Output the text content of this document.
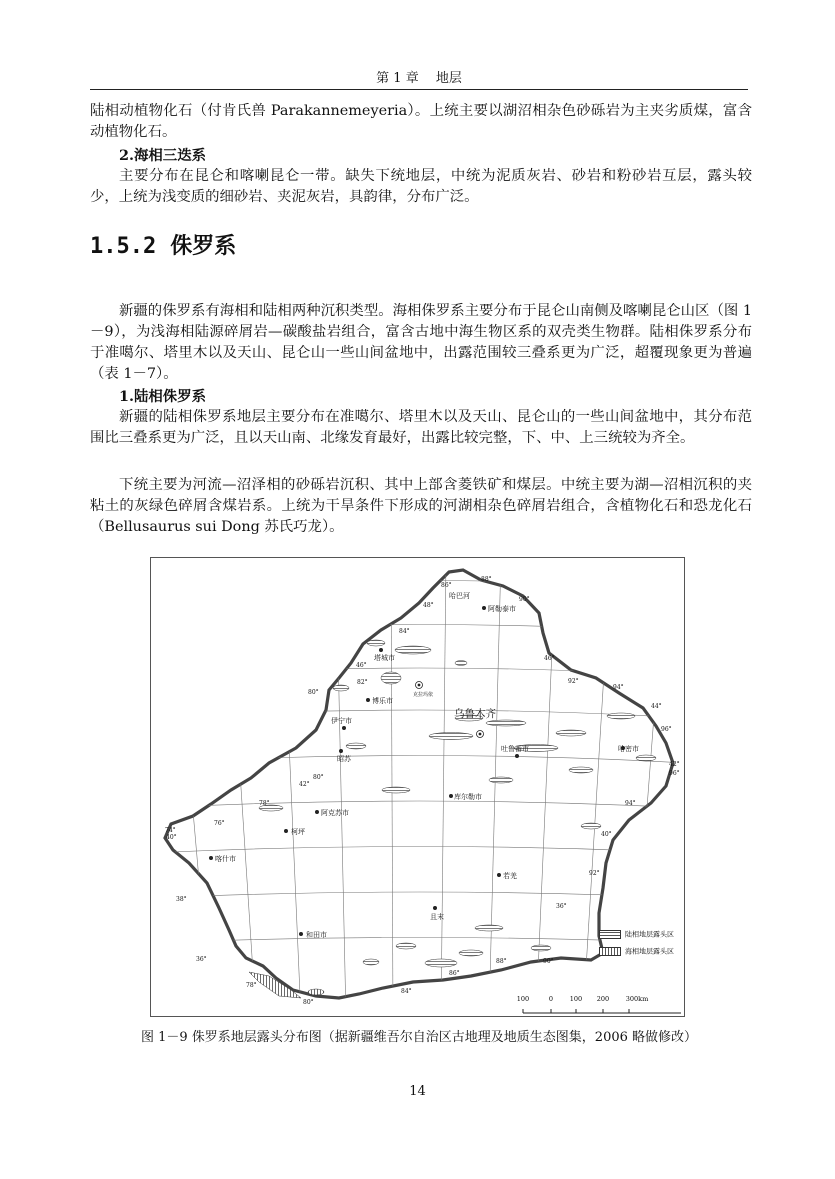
第 1 章　 地层

陆相动植物化石（付肯氏兽 Parakannemeyeria）。上统主要以湖沼相杂色砂砾岩为主夹劣质煤，富含动植物化石。

2.海相三迭系

主要分布在昆仑和喀喇昆仑一带。缺失下统地层，中统为泥质灰岩、砂岩和粉砂岩互层，露头较少，上统为浅变质的细砂岩、夹泥灰岩，具韵律，分布广泛。

1.5.2 侏罗系

新疆的侏罗系有海相和陆相两种沉积类型。海相侏罗系主要分布于昆仑山南侧及喀喇昆仑山区（图 1－9），为浅海相陆源碎屑岩—碳酸盐岩组合，富含古地中海生物区系的双壳类生物群。陆相侏罗系分布于准噶尔、塔里木以及天山、昆仑山一些山间盆地中，出露范围较三叠系更为广泛，超覆现象更为普遍（表 1－7）。

1.陆相侏罗系

新疆的陆相侏罗系地层主要分布在准噶尔、塔里木以及天山、昆仑山的一些山间盆地中，其分布范围比三叠系更为广泛，且以天山南、北缘发育最好，出露比较完整，下、中、上三统较为齐全。

下统主要为河流—沼泽相的砂砾岩沉积、其中上部含菱铁矿和煤层。中统主要为湖—沼相沉积的夹粘土的灰绿色碎屑含煤岩系。上统为干旱条件下形成的河湖相杂色碎屑岩组合，含植物化石和恐龙化石（Bellusaurus sui Dong 苏氏巧龙）。

乌鲁木齐
哈巴河
阿勒泰市
塔城市
克拉玛依
博乐市
伊宁市
昭苏
吐鲁番市	哈密市
库尔勒市
阿克苏市
柯坪
喀什市
若羌
且末
和田市
86°
88°
48°
90°
84°
46°
82°	92°
94°
80°
44°
96°
42°
76°
78°
74°
40°
38°
36°
78°
80°
84°
86°
88°	90°
92°
94°
96°
42°
46°
40°
36°
80°
陆相地层露头区
海相地层露头区
100	0	100	200	300km

图 1－9 侏罗系地层露头分布图（据新疆维吾尔自治区古地理及地质生态图集，2006 略做修改）

14
